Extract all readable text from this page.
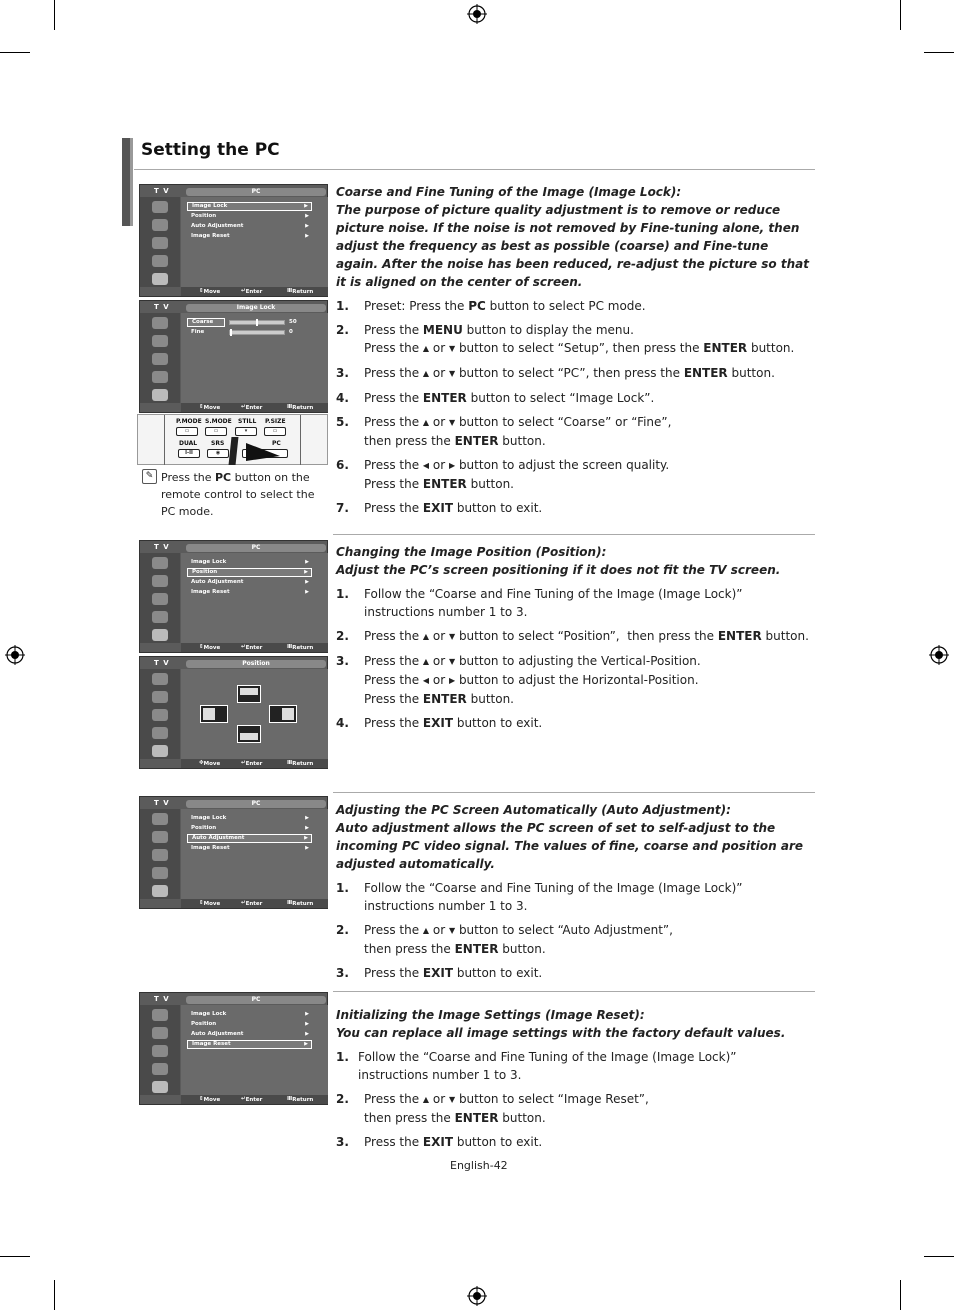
Setting the PC
T V	PC
Image Lock	▶
Position	▶
Auto Adjustment	▶
Image Reset	▶
⇕ Move	↵ Enter	Ⅲ Return
T V	Image Lock
Coarse	50
Fine	0
⇕ Move	↵ Enter	Ⅲ Return
P.MODE S.MODE STILL P.SIZE
▭	▭	▾	▭
DUAL SRS	PC
I-II	◉
✎ Press the PC button on the remote control to select the PC mode.
Coarse and Fine Tuning of the Image (Image Lock):
The purpose of picture quality adjustment is to remove or reduce picture noise. If the noise is not removed by Fine-tuning alone, then adjust the frequency as best as possible (coarse) and Fine-tune again. After the noise has been reduced, re-adjust the picture so that it is aligned on the center of screen.
1. Preset: Press the PC button to select PC mode.
2. Press the MENU button to display the menu.
Press the ▲ or ▼ button to select “Setup”, then press the ENTER button.
3. Press the ▲ or ▼ button to select “PC”, then press the ENTER button.
4. Press the ENTER button to select “Image Lock”.
5. Press the ▲ or ▼ button to select “Coarse” or “Fine”,
then press the ENTER button.
6. Press the ◀ or ▶ button to adjust the screen quality.
Press the ENTER button.
7. Press the EXIT button to exit.
T V	PC
Image Lock	▶
Position	▶
Auto Adjustment	▶
Image Reset	▶
⇕ Move	↵ Enter	Ⅲ Return
T V	Position
✥ Move	↵ Enter	Ⅲ Return
Changing the Image Position (Position):
Adjust the PC’s screen positioning if it does not fit the TV screen.
1. Follow the “Coarse and Fine Tuning of the Image (Image Lock)”
instructions number 1 to 3.
2. Press the ▲ or ▼ button to select “Position”,  then press the ENTER button.
3. Press the ▲ or ▼ button to adjusting the Vertical-Position.
Press the ◀ or ▶ button to adjust the Horizontal-Position.
Press the ENTER button.
4. Press the EXIT button to exit.
T V	PC
Image Lock	▶
Position	▶
Auto Adjustment	▶
Image Reset	▶
⇕ Move	↵ Enter	Ⅲ Return
Adjusting the PC Screen Automatically (Auto Adjustment):
Auto adjustment allows the PC screen of set to self-adjust to the incoming PC video signal. The values of fine, coarse and position are adjusted automatically.
1. Follow the “Coarse and Fine Tuning of the Image (Image Lock)”
instructions number 1 to 3.
2. Press the ▲ or ▼ button to select “Auto Adjustment”,
then press the ENTER button.
3. Press the EXIT button to exit.
T V	PC
Image Lock	▶
Position	▶
Auto Adjustment	▶
Image Reset	▶
⇕ Move	↵ Enter	Ⅲ Return
Initializing the Image Settings (Image Reset):
You can replace all image settings with the factory default values.
1. Follow the “Coarse and Fine Tuning of the Image (Image Lock)”
instructions number 1 to 3.
2. Press the ▲ or ▼ button to select “Image Reset”,
then press the ENTER button.
3. Press the EXIT button to exit.
English-42
